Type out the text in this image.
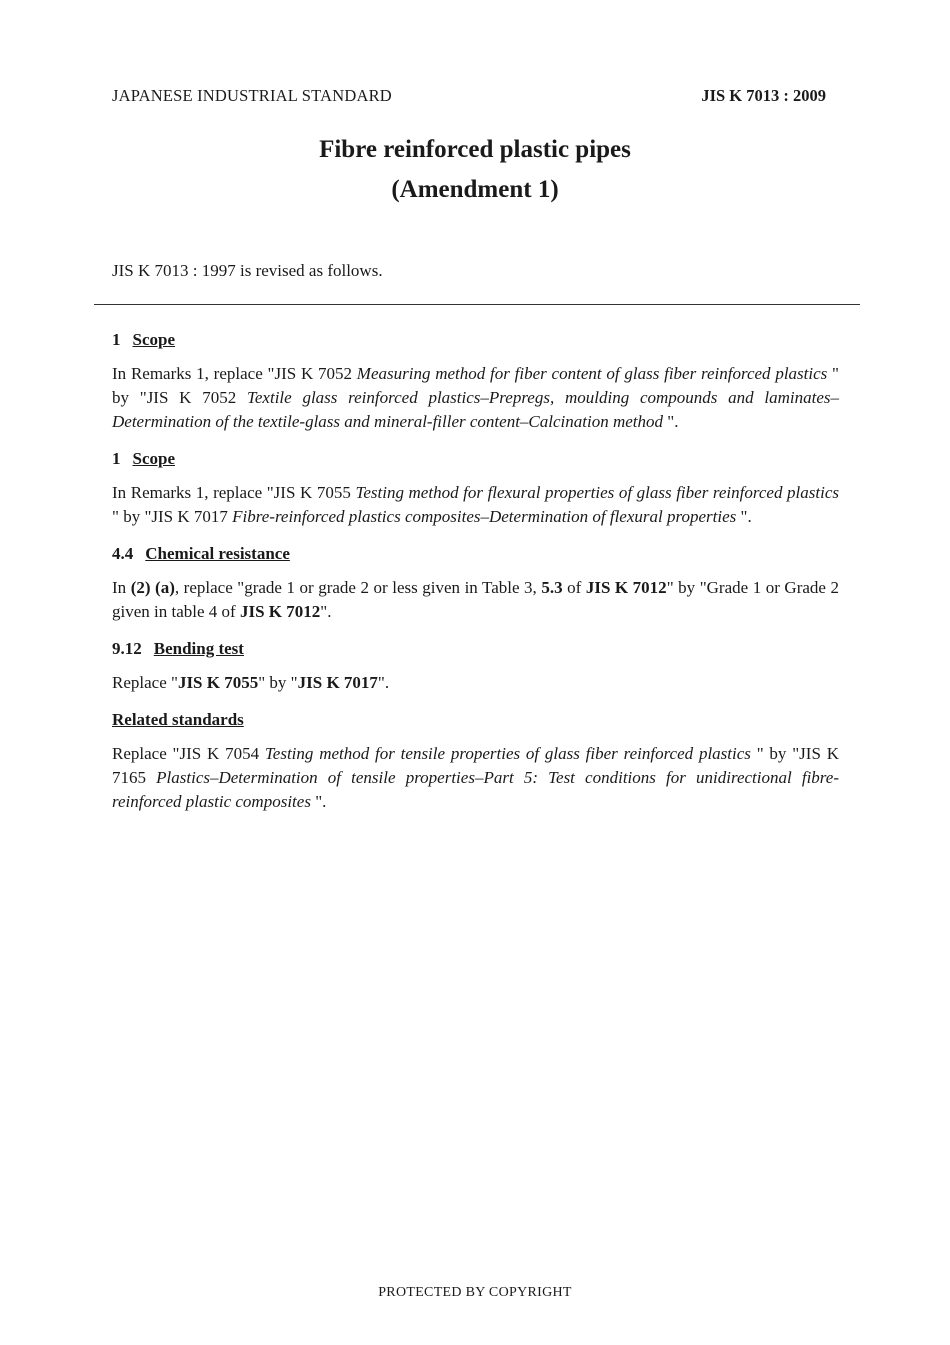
JAPANESE INDUSTRIAL STANDARD	JIS K 7013 : 2009
Fibre reinforced plastic pipes
(Amendment 1)
JIS K 7013 : 1997 is revised as follows.
1 Scope

In Remarks 1, replace "JIS K 7052 Measuring method for fiber content of glass fiber reinforced plastics " by "JIS K 7052 Textile glass reinforced plastics–Prepregs, moulding compounds and laminates–Determination of the textile-glass and mineral-filler content–Calcination method ".

1 Scope

In Remarks 1, replace "JIS K 7055 Testing method for flexural properties of glass fiber reinforced plastics " by "JIS K 7017 Fibre-reinforced plastics composites–Determination of flexural properties ".

4.4 Chemical resistance

In (2) (a), replace "grade 1 or grade 2 or less given in Table 3, 5.3 of JIS K 7012" by "Grade 1 or Grade 2 given in table 4 of JIS K 7012".

9.12 Bending test

Replace "JIS K 7055" by "JIS K 7017".

Related standards

Replace "JIS K 7054 Testing method for tensile properties of glass fiber reinforced plastics " by "JIS K 7165 Plastics–Determination of tensile properties–Part 5: Test conditions for unidirectional fibre-reinforced plastic composites ".

PROTECTED BY COPYRIGHT
